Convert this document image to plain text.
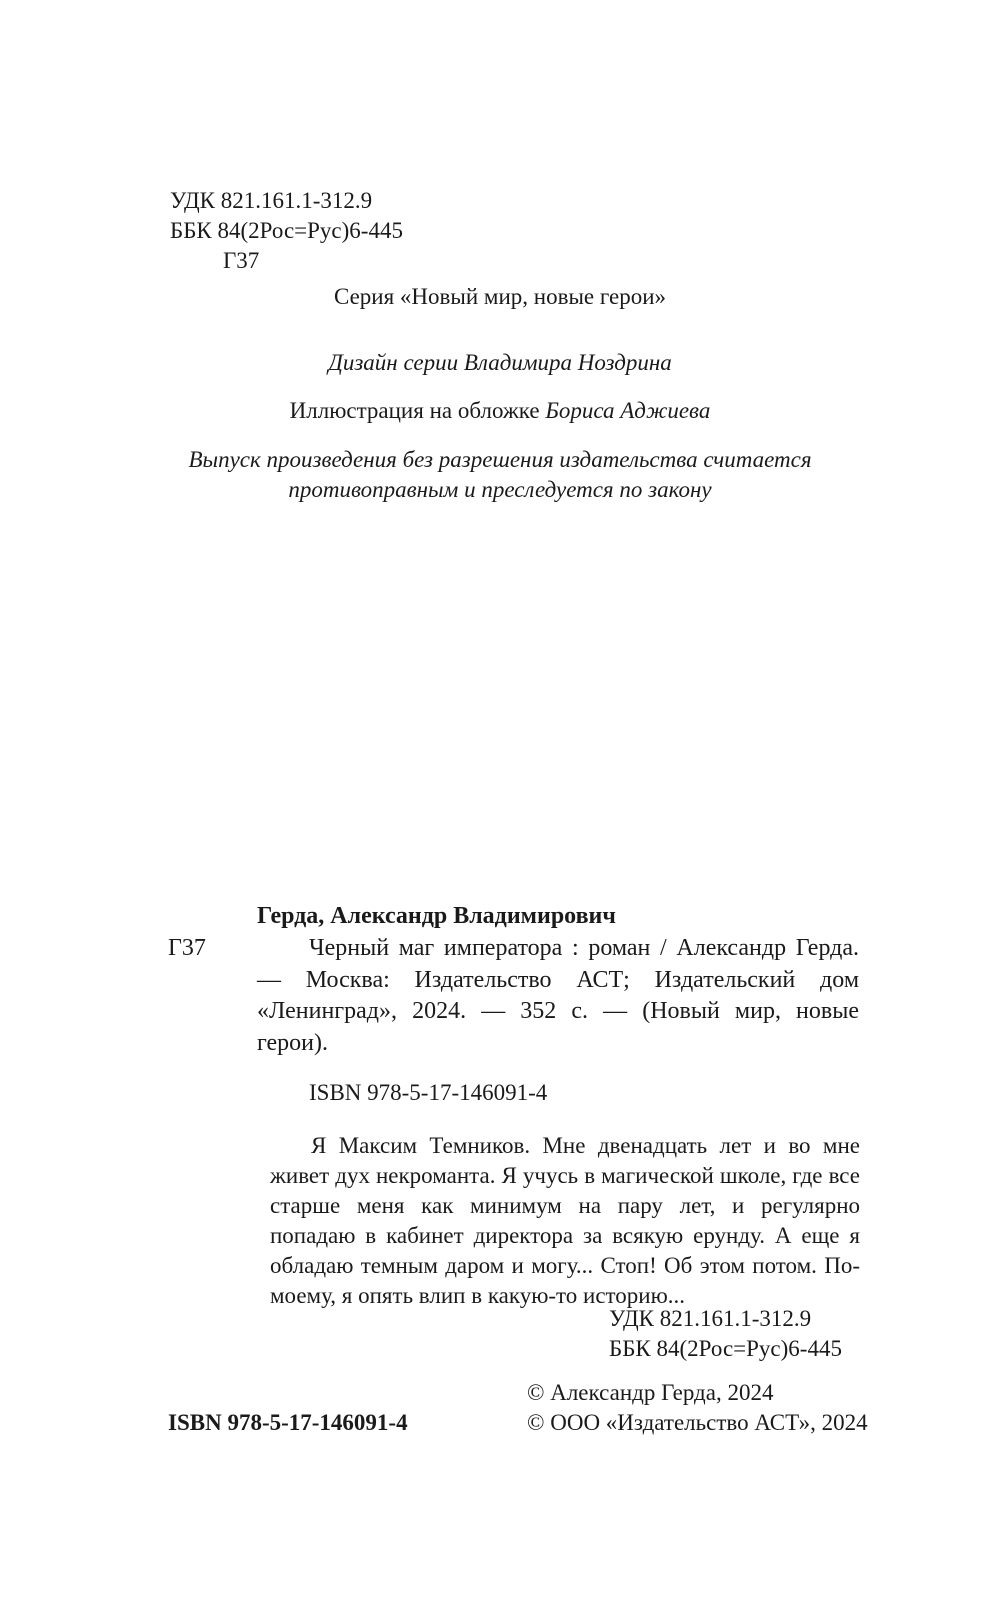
УДК 821.161.1-312.9
ББК 84(2Рос=Рус)6-445
Г37
Серия «Новый мир, новые герои»
Дизайн серии Владимира Ноздрина
Иллюстрация на обложке Бориса Аджиева
Выпуск произведения без разрешения издательства считается
противоправным и преследуется по закону
Герда, Александр Владимирович
Г37	Черный маг императора : роман / Александр Герда. — Москва: Издательство АСТ; Издательский дом «Ленинград», 2024. — 352 с. — (Новый мир, новые герои).
ISBN 978-5-17-146091-4
Я Максим Темников. Мне двенадцать лет и во мне живет дух некроманта. Я учусь в магической школе, где все старше меня как минимум на пару лет, и регулярно попадаю в кабинет директора за всякую ерунду. А еще я обладаю темным даром и могу... Стоп! Об этом потом. По-моему, я опять влип в какую-то историю...
УДК 821.161.1-312.9
ББК 84(2Рос=Рус)6-445
© Александр Герда, 2024
© ООО «Издательство АСТ», 2024
ISBN 978-5-17-146091-4
